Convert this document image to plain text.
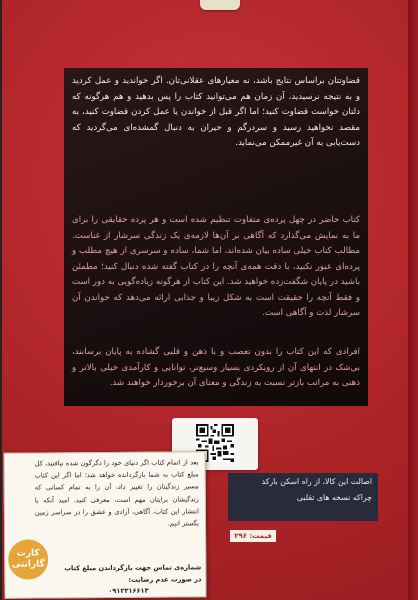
قضاوتتان براساس نتایج باشد، نه معیارهای عقلانی‌تان. اگر خواندید و عمل کردید و به نتیجه نرسیدید، آن زمان هم می‌توانید کتاب را پس بدهید و هم هرگونه که دلتان خواست قضاوت کنید؛ اما اگر قبل از خواندن یا عمل کردن قضاوت کنید، به مقصد نخواهید رسید و سردرگم و حیران به دنبال گمشده‌ای می‌گردید که دست‌یابی به آن غیرممکن می‌نماید.

کتاب حاضر در چهل پرده‌ی متفاوت تنظیم شده است و هر پرده حقایقی را برای ما به نمایش می‌گذارد که آگاهی بر آن‌ها لازمه‌ی یک زندگی سرشار از غناست. مطالب کتاب خیلی ساده بیان شده‌اند، اما شما، ساده و سرسری از هیچ مطلب و پرده‌ای عبور نکنید، با دقت همه‌ی آنچه را در کتاب گفته شده دنبال کنید؛ مطمئن باشید در پایان شگفت‌زده خواهید شد. این کتاب از هرگونه زیاده‌گویی به دور است و فقط آنچه را حقیقت است به شکل زیبا و جذابی ارائه می‌دهد که خواندن آن سرشار لذت و آگاهی است.

افرادی که این کتاب را بدون تعصب و با ذهن و قلبی گشاده به پایان برسانند، بی‌شک در انتهای آن از رویکردی بسیار وسیع‌تر، توانایی و کارآمدی خیلی بالاتر و ذهنی به مراتب بازتر نسبت به زندگی و معنای آن برخوردار خواهند شد.

اصالت این کالا، از راه اسکن بارکد
چراکه نسخه های تقلبی
قیمت: ۲۹۶

بعد از اتمام کتاب اگر دنیای خود را دگرگون شده نیافتید، کل مبلغ کتاب به شما بازگردانده خواهد شد؛ اما اگر این کتاب مسیر زندگیتان را تغییر داد، آن را به تمام کسانی که زندگیشان برایتان مهم است، معرفی کنید. امید آنکه با انتشار این کتاب، آگاهی، آزادی و عشق را در سراسر زمین بگستر انیم.

شماره‌ی تماس جهت بازگرداندن مبلغ کتاب در صورت عدم رضایت:
۰۹۱۲۳۱۶۶۱۳
کارت
گارانتی
